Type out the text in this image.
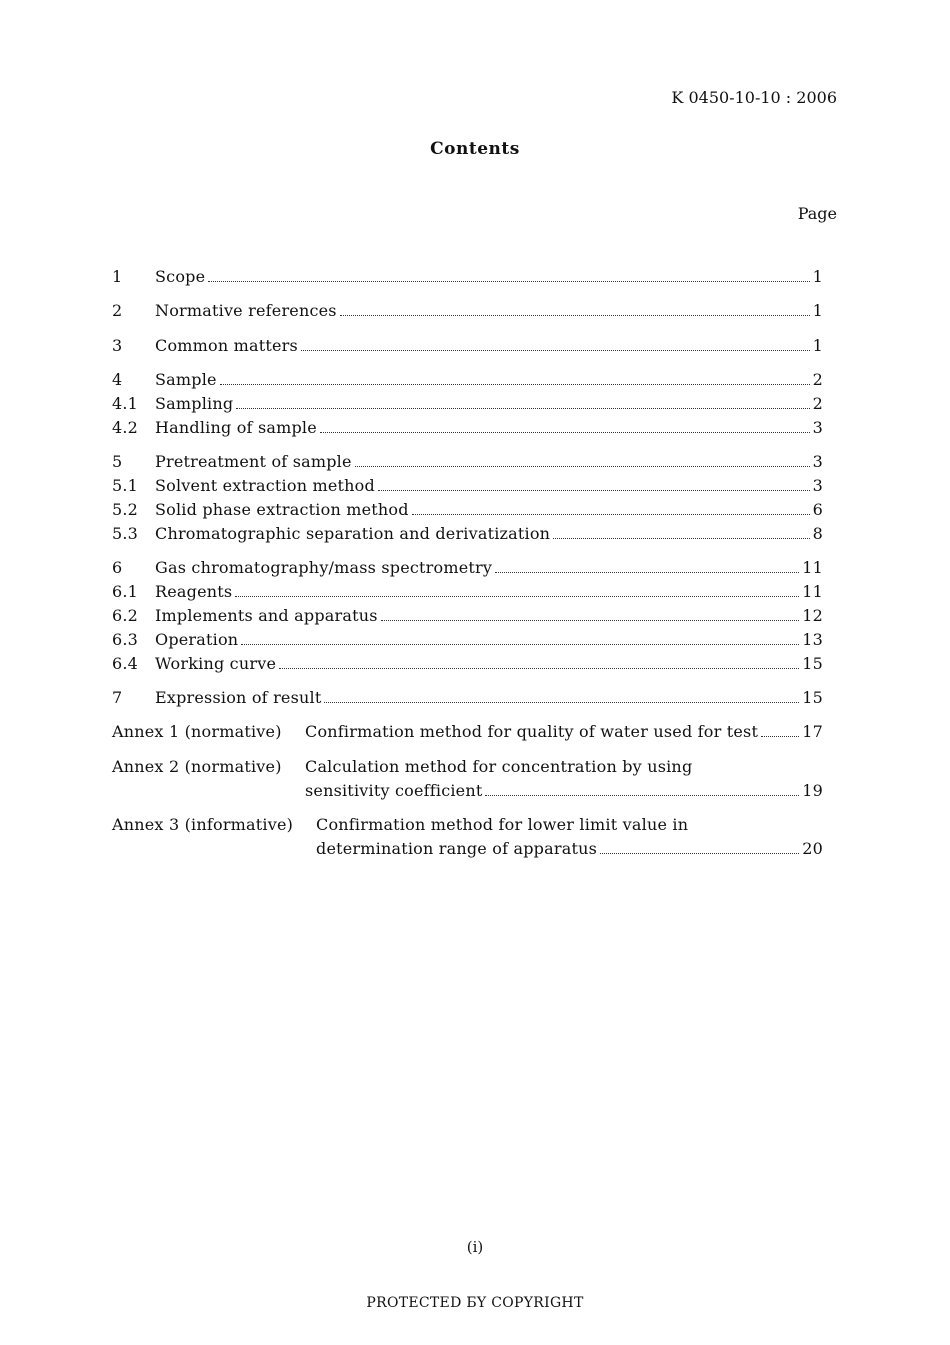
K 0450-10-10 : 2006
Contents
Page
1 Scope	1
2 Normative references	1
3 Common matters	1
4 Sample	2
4.1 Sampling	2
4.2 Handling of sample	3
5 Pretreatment of sample	3
5.1 Solvent extraction method	3
5.2 Solid phase extraction method	6
5.3 Chromatographic separation and derivatization	8
6 Gas chromatography/mass spectrometry	11
6.1 Reagents	11
6.2 Implements and apparatus	12
6.3 Operation	13
6.4 Working curve	15
7 Expression of result	15
Annex 1 (normative) Confirmation method for quality of water used for test	17
Annex 2 (normative) Calculation method for concentration by using
sensitivity coefficient	19
Annex 3 (informative) Confirmation method for lower limit value in
determination range of apparatus	20
(i)
PROTECTED БY COPYRIGHT
